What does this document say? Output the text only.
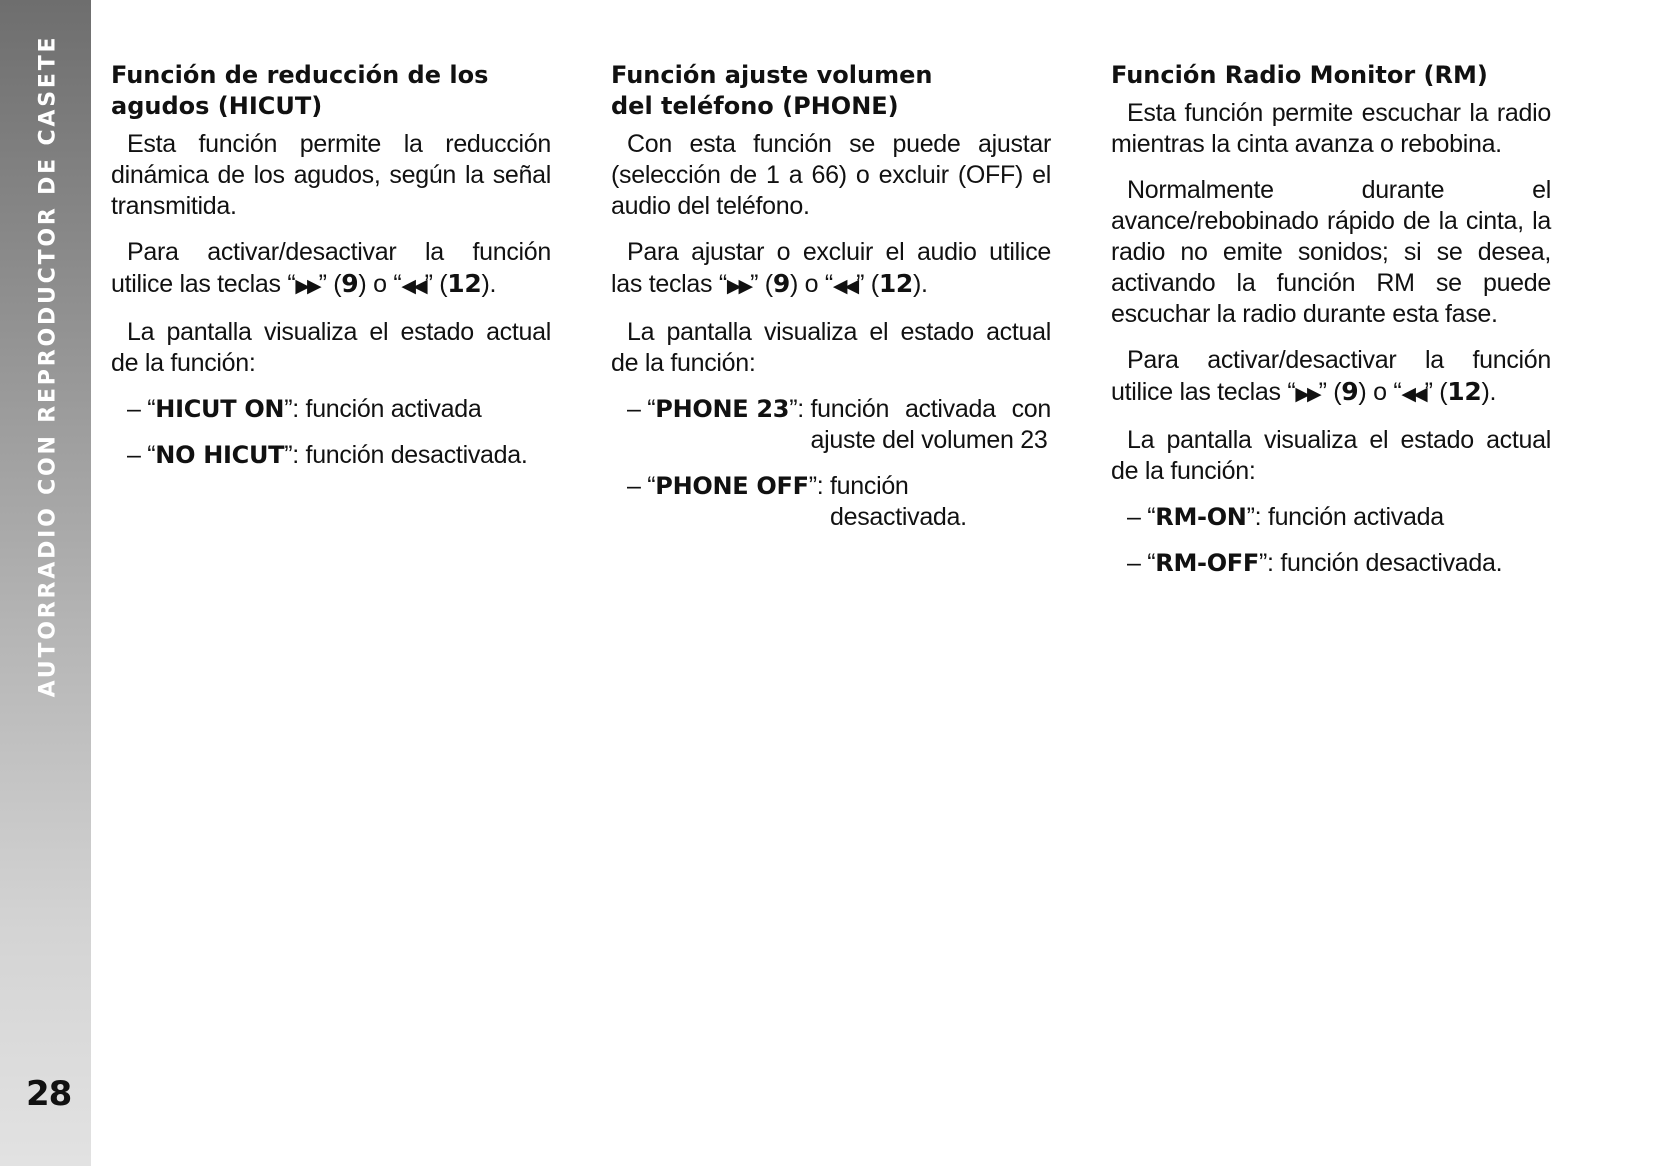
AUTORRADIO CON REPRODUCTOR DE CASETE
28
Función de reducción de los
agudos (HICUT)

Esta función permite la reducción dinámica de los agudos, según la señal transmitida.

Para activar/desactivar la función utilice las teclas “▶▶” (9) o “◀◀” (12).

La pantalla visualiza el estado actual de la función:

– “HICUT ON”: función activada
– “NO HICUT”: función desactivada.
Función ajuste volumen
del teléfono (PHONE)

Con esta función se puede ajustar (selección de 1 a 66) o excluir (OFF) el audio del teléfono.

Para ajustar o excluir el audio utilice las teclas “▶▶” (9) o “◀◀” (12).

La pantalla visualiza el estado actual de la función:

– “PHONE 23”: función activada con ajuste del volumen 23
– “PHONE OFF”: función desactivada.
Función Radio Monitor (RM)

Esta función permite escuchar la radio mientras la cinta avanza o rebobina.

Normalmente durante el avance/rebobinado rápido de la cinta, la radio no emite sonidos; si se desea, activando la función RM se puede escuchar la radio durante esta fase.

Para activar/desactivar la función utilice las teclas “▶▶” (9) o “◀◀” (12).

La pantalla visualiza el estado actual de la función:

– “RM-ON”: función activada
– “RM-OFF”: función desactivada.
